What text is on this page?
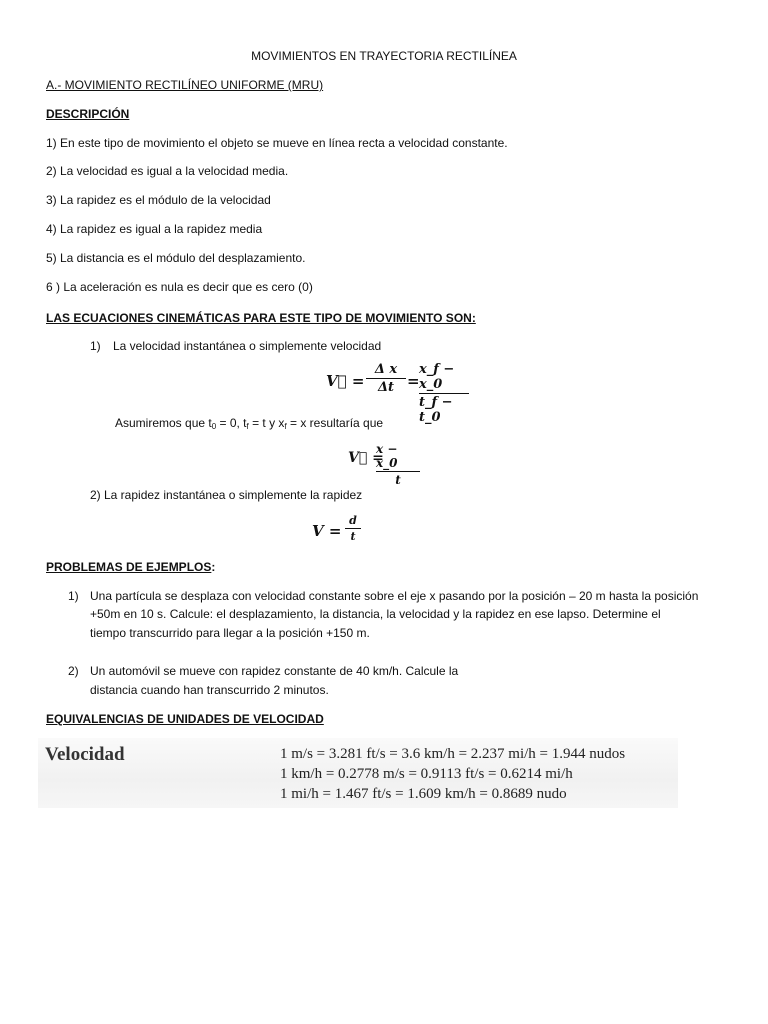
MOVIMIENTOS EN TRAYECTORIA RECTILÍNEA
A.- MOVIMIENTO RECTILÍNEO UNIFORME (MRU)
DESCRIPCIÓN
1) En este tipo de movimiento el objeto se mueve en línea recta a velocidad constante.
2) La velocidad es igual a la velocidad media.
3) La rapidez es el módulo de la velocidad
4) La rapidez es igual a la rapidez media
5) La distancia es el módulo del desplazamiento.
6 ) La aceleración es nula es decir que es cero (0)
LAS ECUACIONES CINEMÁTICAS PARA ESTE TIPO DE MOVIMIENTO SON:
1) La velocidad instantánea o simplemente velocidad
V⃗ =
Δ x
Δt =
x_f − x_0
t_f − t_0
Asumiremos que $t_0 = 0$, $t_f = t$ y $x_f = x$ resultaría que
V⃗ =
x − x_0
t
2) La rapidez instantánea o simplemente la rapidez
V =
d
t
PROBLEMAS DE EJEMPLOS:
1) Una partícula se desplaza con velocidad constante sobre el eje x pasando por la posición – 20 m hasta la posición
+50m en 10 s. Calcule: el desplazamiento, la distancia, la velocidad y la rapidez en ese lapso. Determine el
tiempo transcurrido para llegar a la posición +150 m.
2) Un automóvil se mueve con rapidez constante de 40 km/h. Calcule la
distancia cuando han transcurrido 2 minutos.
EQUIVALENCIAS DE UNIDADES DE VELOCIDAD
Velocidad	1 m/s = 3.281 ft/s = 3.6 km/h = 2.237 mi/h = 1.944 nudos
1 km/h = 0.2778 m/s = 0.9113 ft/s = 0.6214 mi/h
1 mi/h = 1.467 ft/s = 1.609 km/h = 0.8689 nudo
